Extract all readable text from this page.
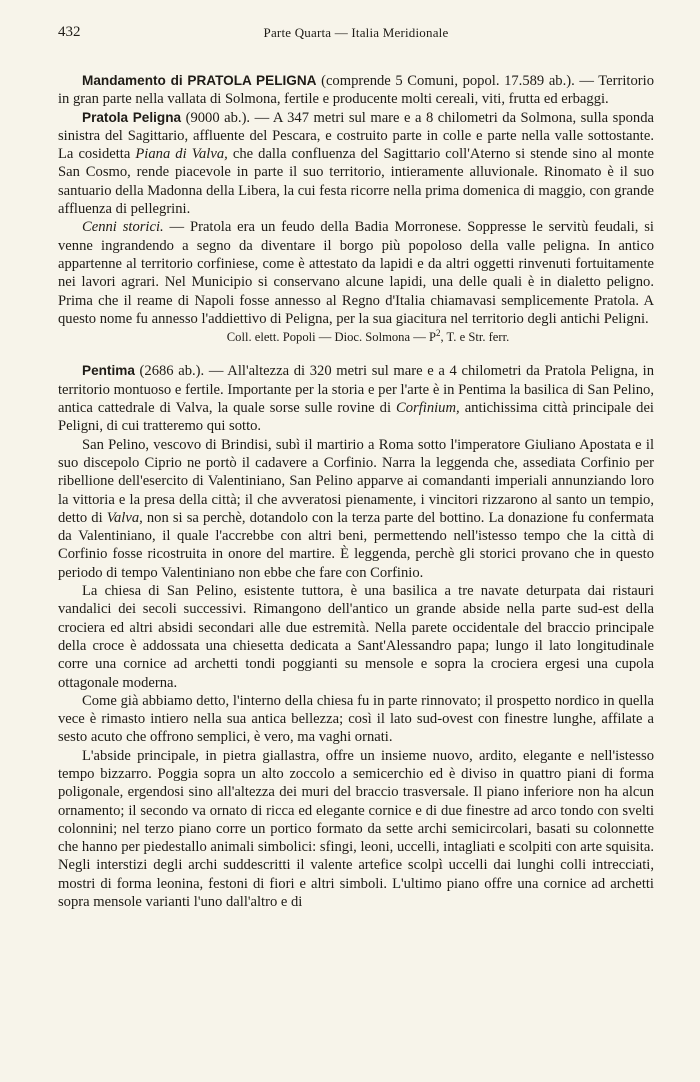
432	Parte Quarta — Italia Meridionale

Mandamento di PRATOLA PELIGNA (comprende 5 Comuni, popol. 17.589 ab.). — Territorio in gran parte nella vallata di Solmona, fertile e producente molti cereali, viti, frutta ed erbaggi.

Pratola Peligna (9000 ab.). — A 347 metri sul mare e a 8 chilometri da Solmona, sulla sponda sinistra del Sagittario, affluente del Pescara, e costruito parte in colle e parte nella valle sottostante. La cosidetta Piana di Valva, che dalla confluenza del Sagittario coll'Aterno si stende sino al monte San Cosmo, rende piacevole in parte il suo territorio, intieramente alluvionale. Rinomato è il suo santuario della Madonna della Libera, la cui festa ricorre nella prima domenica di maggio, con grande affluenza di pellegrini.

Cenni storici. — Pratola era un feudo della Badia Morronese. Soppresse le servitù feudali, si venne ingrandendo a segno da diventare il borgo più popoloso della valle peligna. In antico appartenne al territorio corfiniese, come è attestato da lapidi e da altri oggetti rinvenuti fortuitamente nei lavori agrari. Nel Municipio si conservano alcune lapidi, una delle quali è in dialetto peligno. Prima che il reame di Napoli fosse annesso al Regno d'Italia chiamavasi semplicemente Pratola. A questo nome fu annesso l'addiettivo di Peligna, per la sua giacitura nel territorio degli antichi Peligni.

Coll. elett. Popoli — Dioc. Solmona — $P^2$, T. e Str. ferr.

Pentima (2686 ab.). — All'altezza di 320 metri sul mare e a 4 chilometri da Pratola Peligna, in territorio montuoso e fertile. Importante per la storia e per l'arte è in Pentima la basilica di San Pelino, antica cattedrale di Valva, la quale sorse sulle rovine di Corfinium, antichissima città principale dei Peligni, di cui tratteremo qui sotto.

San Pelino, vescovo di Brindisi, subì il martirio a Roma sotto l'imperatore Giuliano Apostata e il suo discepolo Ciprio ne portò il cadavere a Corfinio. Narra la leggenda che, assediata Corfinio per ribellione dell'esercito di Valentiniano, San Pelino apparve ai comandanti imperiali annunziando loro la vittoria e la presa della città; il che avveratosi pienamente, i vincitori rizzarono al santo un tempio, detto di Valva, non si sa perchè, dotandolo con la terza parte del bottino. La donazione fu confermata da Valentiniano, il quale l'accrebbe con altri beni, permettendo nell'istesso tempo che la città di Corfinio fosse ricostruita in onore del martire. È leggenda, perchè gli storici provano che in questo periodo di tempo Valentiniano non ebbe che fare con Corfinio.

La chiesa di San Pelino, esistente tuttora, è una basilica a tre navate deturpata dai ristauri vandalici dei secoli successivi. Rimangono dell'antico un grande abside nella parte sud-est della crociera ed altri absidi secondari alle due estremità. Nella parete occidentale del braccio principale della croce è addossata una chiesetta dedicata a Sant'Alessandro papa; lungo il lato longitudinale corre una cornice ad archetti tondi poggianti su mensole e sopra la crociera ergesi una cupola ottagonale moderna.

Come già abbiamo detto, l'interno della chiesa fu in parte rinnovato; il prospetto nordico in quella vece è rimasto intiero nella sua antica bellezza; così il lato sud-ovest con finestre lunghe, affilate a sesto acuto che offrono semplici, è vero, ma vaghi ornati.

L'abside principale, in pietra giallastra, offre un insieme nuovo, ardito, elegante e nell'istesso tempo bizzarro. Poggia sopra un alto zoccolo a semicerchio ed è diviso in quattro piani di forma poligonale, ergendosi sino all'altezza dei muri del braccio trasversale. Il piano inferiore non ha alcun ornamento; il secondo va ornato di ricca ed elegante cornice e di due finestre ad arco tondo con svelti colonnini; nel terzo piano corre un portico formato da sette archi semicircolari, basati su colonnette che hanno per piedestallo animali simbolici: sfingi, leoni, uccelli, intagliati e scolpiti con arte squisita. Negli interstizi degli archi suddescritti il valente artefice scolpì uccelli dai lunghi colli intrecciati, mostri di forma leonina, festoni di fiori e altri simboli. L'ultimo piano offre una cornice ad archetti sopra mensole varianti l'uno dall'altro e di
